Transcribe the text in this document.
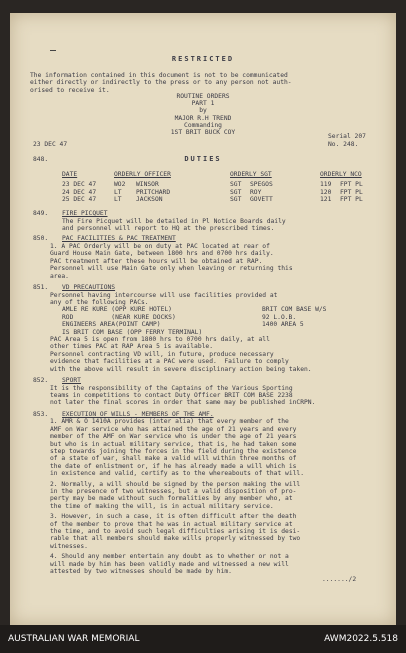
RESTRICTED
The information contained in this document is not to be communicated
either directly or indirectly to the press or to any person not auth-
orised to receive it.
ROUTINE ORDERS
PART 1
by
MAJOR R.H TREND
Commanding
1ST BRIT BUCK COY
23 DEC 47
Serial 207
No. 248.
848.	DUTIES
DATE	ORDERLY OFFICER	ORDERLY SGT	ORDERLY NCO
23 DEC 47	WO2 WINSOR	SGT SPEGOS	119 FPT PL
24 DEC 47	LT PRITCHARD	SGT ROY	120 FPT PL
25 DEC 47	LT JACKSON	SGT GOVETT	121 FPT PL
849. FIRE PICQUET
The Fire Picquet will be detailed in Pl Notice Boards daily
and personnel will report to HQ at the prescribed times.
850. PAC FACILITIES & PAC TREATMENT
1. A PAC Orderly will be on duty at PAC located at rear of
Guard House Main Gate, between 1800 hrs and 0700 hrs daily.
PAC treatment after these hours will be obtained at RAP.
Personnel will use Main Gate only when leaving or returning this
area.
851. VD PRECAUTIONS
Personnel having intercourse will use facilities provided at
any of the following PACs.
AMLE RE KURE (OPP KURE HOTEL)	BRIT COM BASE W/S
ROD          (NEAR KURE DOCKS)	92 L.O.B.
ENGINEERS AREA(POINT CAMP)	1400 AREA 5
IS BRIT COM BASE (OPP FERRY TERMINAL)
PAC Area 5 is open from 1800 hrs to 0700 hrs daily, at all
other times PAC at RAP Area 5 is available.
Personnel contracting VD will, in future, produce necessary
evidence that facilities at a PAC were used.  Failure to comply
with the above will result in severe disciplinary action being taken.
852. SPORT
It is the responsibility of the Captains of the Various Sporting
teams in competitions to contact Duty Officer BRIT COM BASE 2238
not later the final scores in order that same may be published inCRPN.
853. EXECUTION OF WILLS - MEMBERS OF THE AMF.
1. AMR & O 1410A provides (inter alia) that every member of the
AMF on War service who has attained the age of 21 years and every
member of the AMF on War service who is under the age of 21 years
but who is in actual military service, that is, he had taken some
step towards joining the forces in the field during the existence
of a state of war, shall make a valid will within three months of
the date of enlistment or, if he has already made a will which is
in existence and valid, certify as to the whereabouts of that will.
2. Normally, a will should be signed by the person making the will
in the presence of two witnesses, but a valid disposition of pro-
perty may be made without such formalities by any member who, at
the time of making the will, is in actual military service.
3. However, in such a case, it is often difficult after the death
of the member to prove that he was in actual military service at
the time, and to avoid such legal difficulties arising it is desi-
rable that all members should make wills properly witnessed by two
witnesses.
4. Should any member entertain any doubt as to whether or not a
will made by him has been validly made and witnessed a new will
attested by two witnesses should be made by him.
......./2
AUSTRALIAN WAR MEMORIAL	AWM2022.5.518
